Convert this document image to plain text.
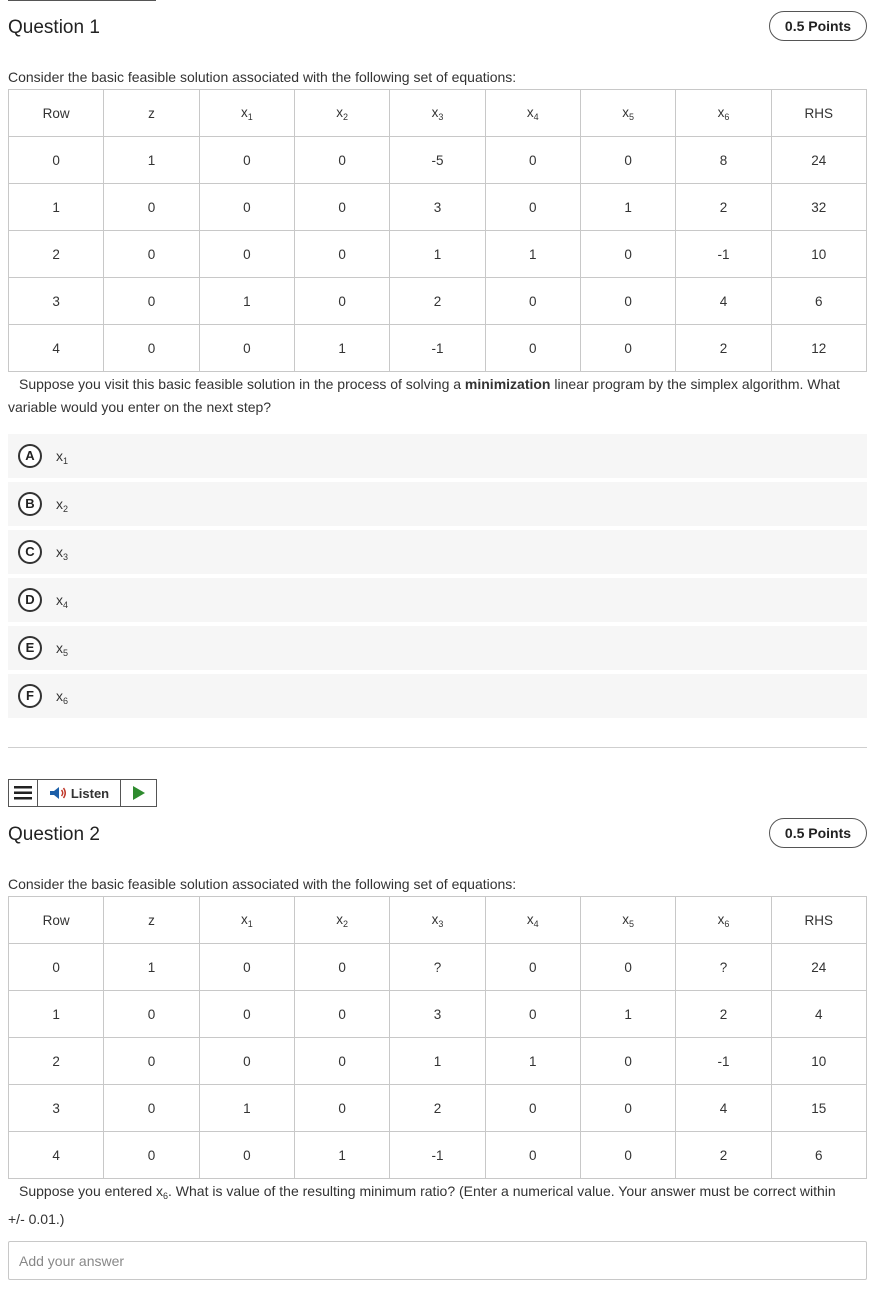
Question 1	0.5 Points
Consider the basic feasible solution associated with the following set of equations:
Row	z	$x_1$	$x_2$	$x_3$	$x_4$	$x_5$	$x_6$	RHS
0	1	0	0	-5	0	0	8	24
1	0	0	0	3	0	1	2	32
2	0	0	0	1	1	0	-1	10
3	0	1	0	2	0	0	4	6
4	0	0	1	-1	0	0	2	12
Suppose you visit this basic feasible solution in the process of solving a minimization linear program by the simplex algorithm. What variable would you enter on the next step?
A	$x_1$
B	$x_2$
C	$x_3$
D	$x_4$
E	$x_5$
F	$x_6$
Listen
Question 2	0.5 Points
Consider the basic feasible solution associated with the following set of equations:
Row	z	$x_1$	$x_2$	$x_3$	$x_4$	$x_5$	$x_6$	RHS
0	1	0	0	?	0	0	?	24
1	0	0	0	3	0	1	2	4
2	0	0	0	1	1	0	-1	10
3	0	1	0	2	0	0	4	15
4	0	0	1	-1	0	0	2	6
Suppose you entered $x_6$. What is value of the resulting minimum ratio? (Enter a numerical value. Your answer must be correct within +/- 0.01.)
Add your answer
